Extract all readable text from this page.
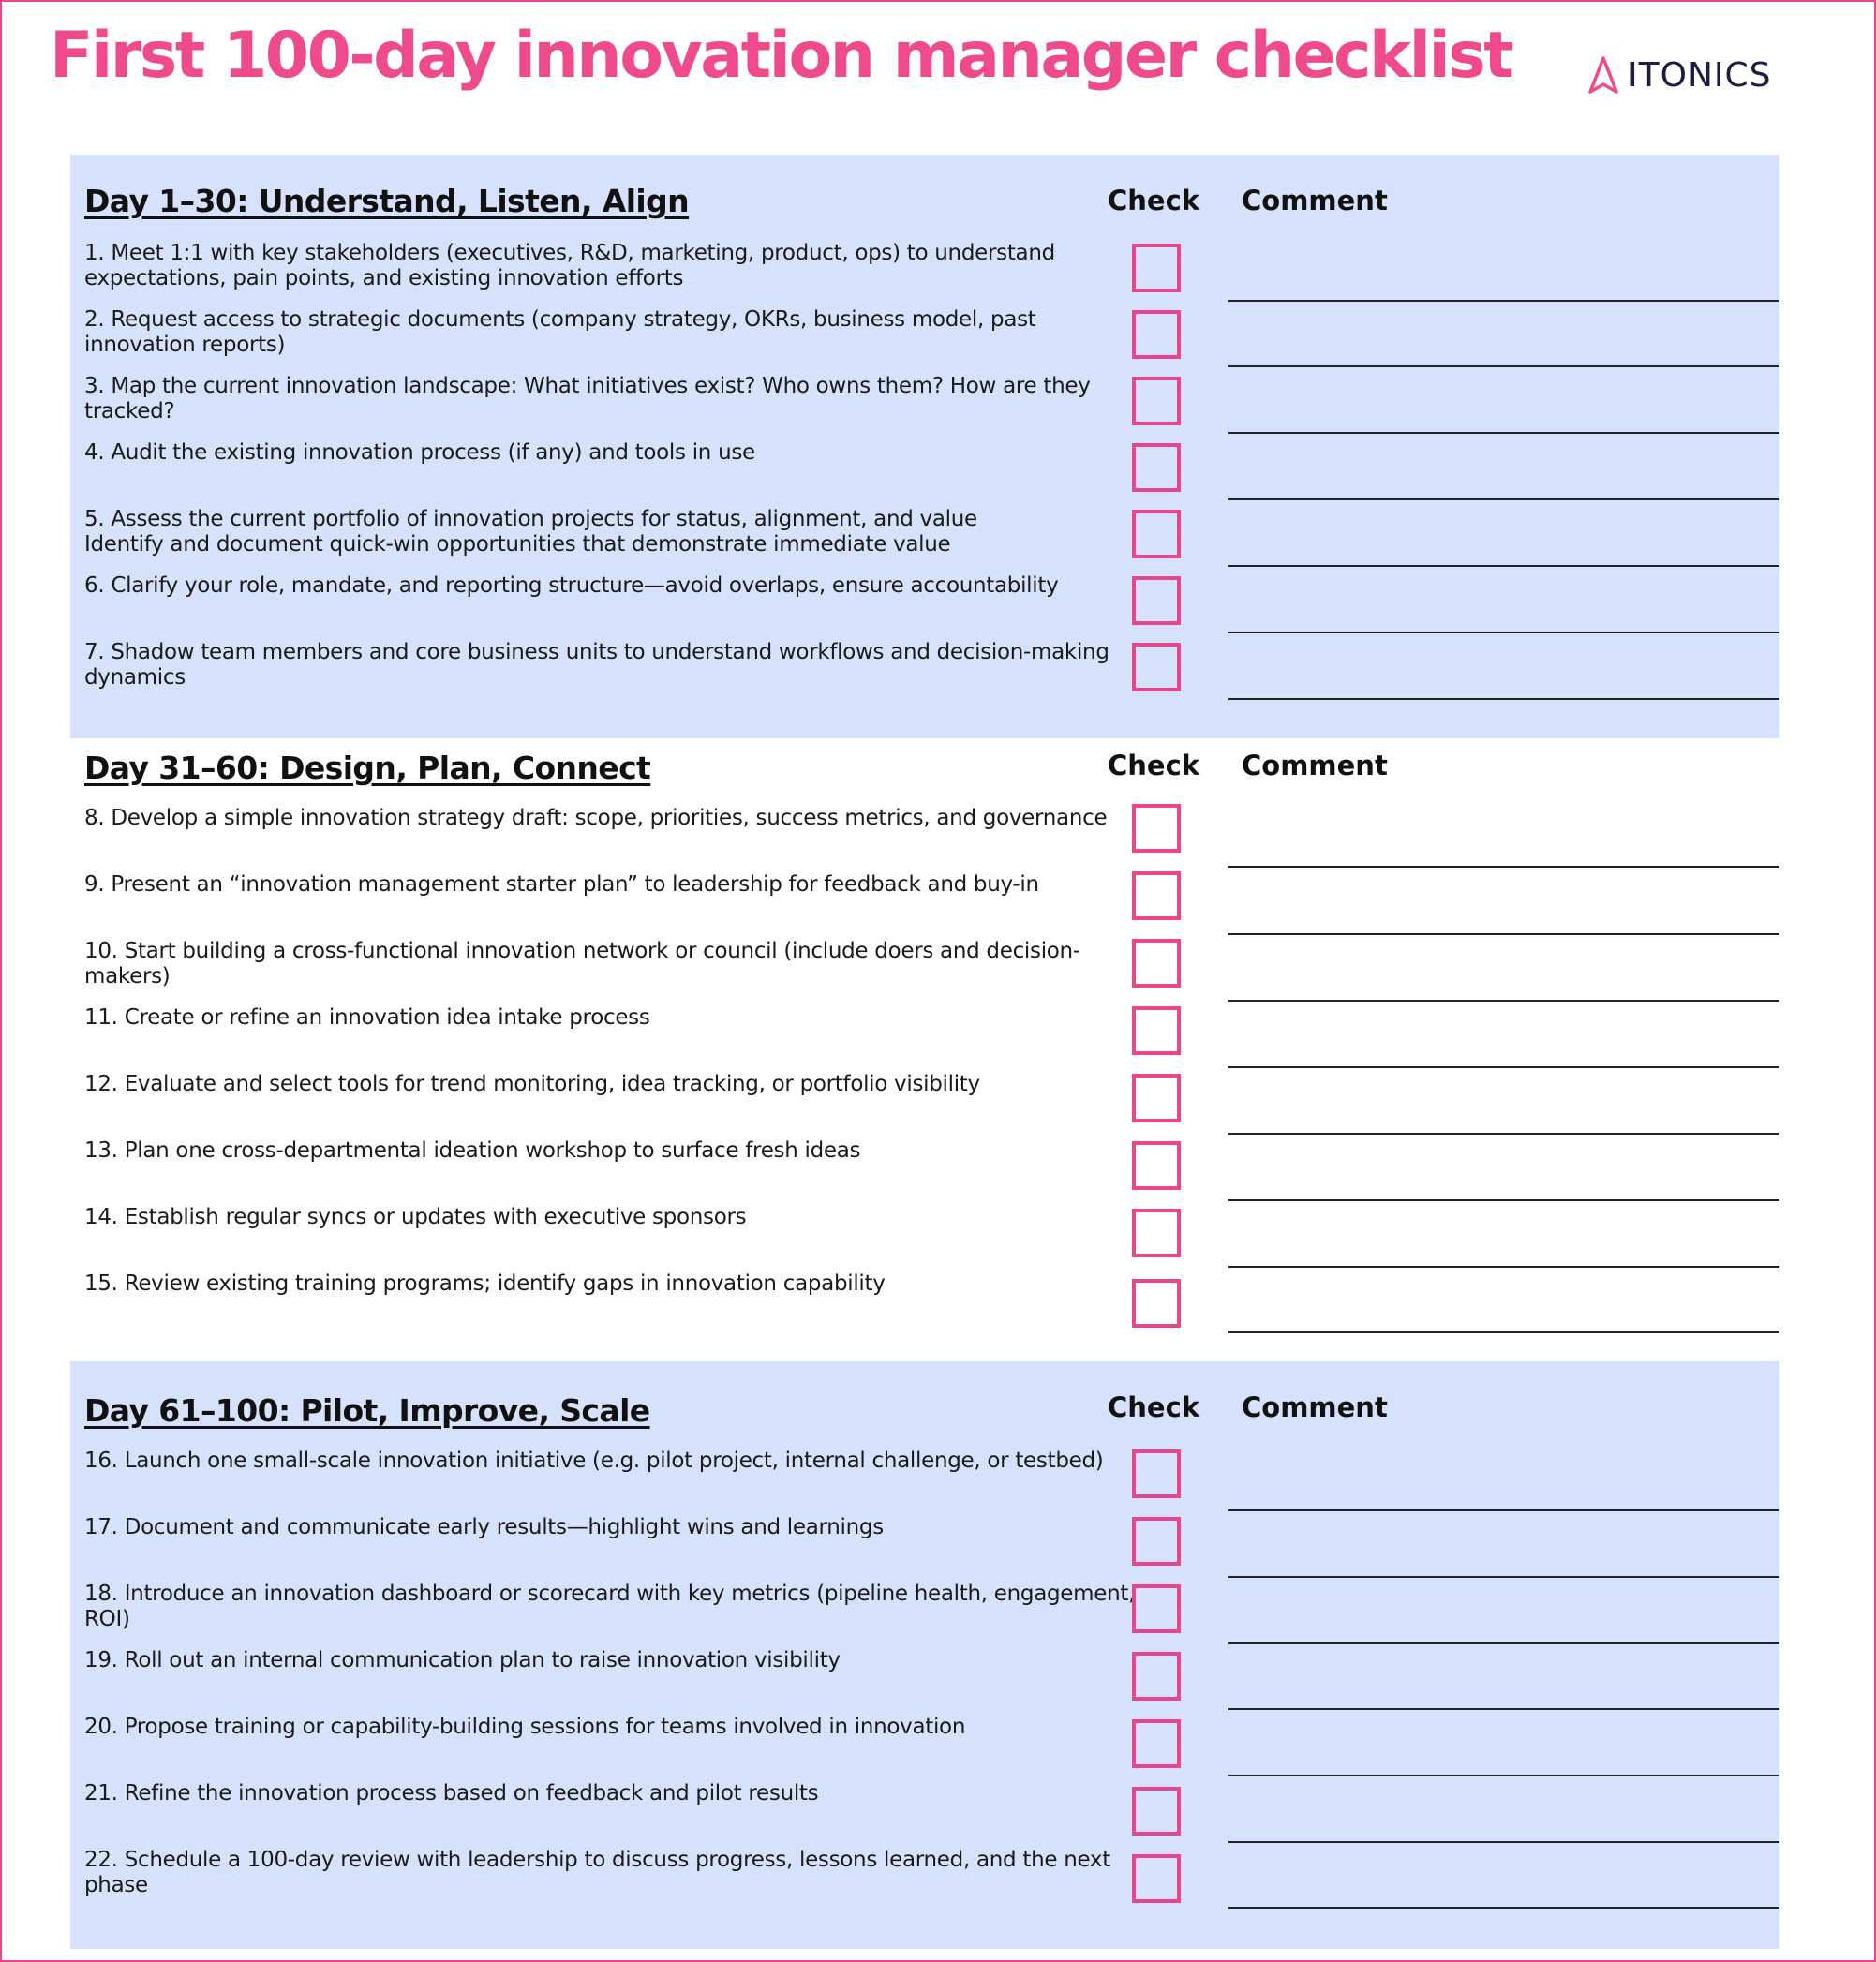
First 100-day innovation manager checklist	ITONICS
Day 1–30: Understand, Listen, Align	Check Comment
1. Meet 1:1 with key stakeholders (executives, R&D, marketing, product, ops) to understand expectations, pain points, and existing innovation efforts
2. Request access to strategic documents (company strategy, OKRs, business model, past innovation reports)
3. Map the current innovation landscape: What initiatives exist? Who owns them? How are they tracked?
4. Audit the existing innovation process (if any) and tools in use
5. Assess the current portfolio of innovation projects for status, alignment, and value
Identify and document quick-win opportunities that demonstrate immediate value
6. Clarify your role, mandate, and reporting structure—avoid overlaps, ensure accountability
7. Shadow team members and core business units to understand workflows and decision-making dynamics
Day 31–60: Design, Plan, Connect	Check Comment
8. Develop a simple innovation strategy draft: scope, priorities, success metrics, and governance
9. Present an “innovation management starter plan” to leadership for feedback and buy-in
10. Start building a cross-functional innovation network or council (include doers and decision-makers)
11. Create or refine an innovation idea intake process
12. Evaluate and select tools for trend monitoring, idea tracking, or portfolio visibility
13. Plan one cross-departmental ideation workshop to surface fresh ideas
14. Establish regular syncs or updates with executive sponsors
15. Review existing training programs; identify gaps in innovation capability
Day 61–100: Pilot, Improve, Scale	Check Comment
16. Launch one small-scale innovation initiative (e.g. pilot project, internal challenge, or testbed)
17. Document and communicate early results—highlight wins and learnings
18. Introduce an innovation dashboard or scorecard with key metrics (pipeline health, engagement, ROI)
19. Roll out an internal communication plan to raise innovation visibility
20. Propose training or capability-building sessions for teams involved in innovation
21. Refine the innovation process based on feedback and pilot results
22. Schedule a 100-day review with leadership to discuss progress, lessons learned, and the next phase
